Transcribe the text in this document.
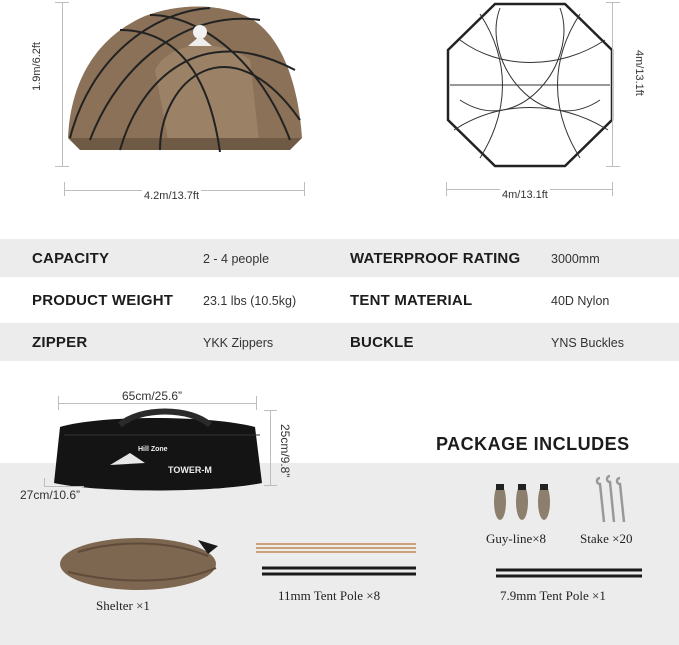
1.9m/6.2ft
4.2m/13.7ft
4m/13.1ft
4m/13.1ft
CAPACITY	2 - 4 people	WATERPROOF RATING 3000mm
PRODUCT WEIGHT 23.1 lbs (10.5kg)	TENT MATERIAL	40D Nylon
ZIPPER	YKK Zippers	BUCKLE	YNS Buckles
65cm/25.6”
25cm/9.8”
Hill Zone
TOWER-M
27cm/10.6”
PACKAGE INCLUDES
Guy-line×8	Stake ×20
Shelter ×1
11mm Tent Pole ×8	7.9mm Tent Pole ×1
